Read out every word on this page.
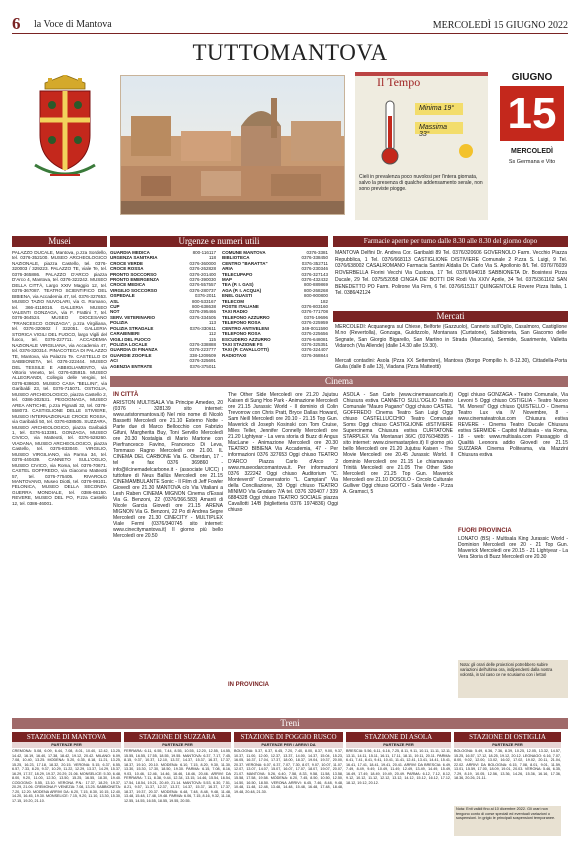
6 la Voce di Mantova	MERCOLEDÌ 15 GIUGNO 2022
TUTTOMANTOVA
Il Tempo
Minima 19°
Massima 33°
Cieli in prevalenza poco nuvolosi per l'intera giornata, salvo la presenza di qualche addensamento serale, non sono previste piogge.
GIUGNO
15
MERCOLEDÌ
Ss Germana e Vito
Musei
PALAZZO DUCALE, Mantova, p.zza Sordello, tel. 0376-352100. MUSEO ARCHEOLOGICO NAZIONALE, piazza Castello, tel. 0376-320003 / 329223. PALAZZO TE, viale Te, tel. 0376-365886. PALAZZO D'ARCO piazza D'Arco 4, Mantova, tel. 0376-322242. MUSEO DELLA CITTÀ, Largo XXIV Maggio 12, tel. 0376-367087. TEATRO SCIENTIFICO DEL BIBIENA, via Accademia 47, tel. 0376-327653. MUSEO TAZIO NUVOLARI, via G. Romano, tel. 366-4118016. GALLERIA MUSEO VALENTI GONZAGA, via F. Frattini 7, tel. 0376-364524. MUSEO DIOCESANO "FRANCESCO GONZAGA", p.zza Virgiliana, tel. 0376-320602 / 322051. GALLERIA STORICA VIGILI DEL FUOCO, largo Vigili del fuoco, tel. 0376-227711. ACCADEMIA NAZIONALE VIRGILIANA, via Accademia 47, tel. 0376-320314. PINACOTECA DI PALAZZO TE, Mantova, via Palazzo Te. CASTELLO DI SABBIONETA, tel. 0376-222444. MUSEO DEL TESSILE E ABBIGLIAMENTO, via Vittorio Veneto, tel. 0376-635915. MUSEO ALLEGRANDI, Collegio delle Vergini, tel. 0376-638620. MUSEO CASA "BELLINI", via Garibaldi 23, tel. 0376-715071. OSTIGLIA, MUSEO ARCHEOLOGICO, piazza Castello 2, tel. 0386-302531. PEGOGNAGA, MUSEO AREA ANTICHE, p.zza Pignatti 32, tel. 0376-558073. CASTIGLIONE DELLE STIVIERE, MUSEO INTERNAZIONALE CROCE ROSSA, via Garibaldi 50, tel. 0376-638505. SUZZARA, MUSEO ARCHEOLOGICO, piazza Garibaldi 1, tel. 0376-513391. GONZAGA, MUSEO CIVICO, via Matteotti, tel. 0376-528260. VIADANA, MUSEO ARCHEOLOGICO, piazza Castello, tel. 0375-833040. VIRGILIO, MUSEO VIRGILIANO, via Parma 34, tel. 0376-440439. CANNETO SULL'OGLIO, MUSEO CIVICO, via Roma, tel. 0376-70671. CASTEL GOFFREDO, via Giacomo Matteotti 57, tel. 0376-775405. RIVAROLO MANTOVANO, Museo Diotti, tel. 0376-99101. FELONICA, MUSEO DELLA SECONDA GUERRA MONDIALE, tel. 0386-66150. REVERE, MUSEO DEL PO, P.zza Castello 12, tel. 0386-46001.
Urgenze e numeri utili
GUARDIA MEDICA	800-116117
URGENZA SANITARIA	118
CROCE VERDE	0376-360000
CROCE ROSSA	0376-262828
PRONTO SOCCORSO	0376-201400
PRONTO EMERGENZA	0376-390030
CROCE MEDICA	0376-557557
VIRGILIO SOCCORSO	0376-280737
OSPEDALE	0376-2011
ASL	800-533167
CUP	800-638638
NOT	0376-295466
SERV. VETERINARIO	0376-334505
POLIZIA	113
POLIZIA STRADALE	0376-330611
CARABINIERI	112
VIGILI DEL FUOCO	115
POLIZIA LOCALE	0376-338888
GUARDIA DI FINANZA	0376-223777
GUARDIE ZOOFILE	338-1209509
ACI	0376-325691
AGENZIA ENTRATE	0376-375011
COMUNE MANTOVA	0376-3381
BIBLIOTECA	0376-338450
CENTRO "BARATTA"	0376-352711
ARIA	0376-230346
TELECUPAPO	0376-327143
MAP	0376-432432
TEA (P. I. GAS)	800-889869
AGA (P. I. ACQUA)	800-268268
ENEL GUASTI	800-900800
TELECOM	182
POSTE ITALIANE	0376-803160
TAXI RADIO	0376-771708
TELEFONO AZZURRO	0376-19696
TELEFONO ROSA	0376-225959
CENTRO ANTIVELENI	349-0011590
TELEFONO ROSA	0376-225656
ESCUDERO AZZURRO	0376-648081
TAXI STAZIONE FS	0376-325351
TAXI (P. CAVALLOTTI)	0376-324407
RADIOTAXI	0376-368844
Farmacie aperte per turno dalle 8.30 alle 8.30 del giorno dopo
MANTOVA Delfini Dr. Andrea Cor. Garibaldi 89 Tel. 0376/320606 GOVERNOLO Farm. Vecchio Piazza Repubblica, 1 Tel. 0376/668113 CASTIGLIONE D/STIVIERE Comunale 2 P.zza S. Luigi, 9 Tel. 0376/638002 CASALROMANO Farmacia Santini Aldalia Dr. Carlo Via S. Apollonio 8/L Tel. 0376/76039 ROVERBELLA Fiorini Vecchi Via Custoza, 17 Tel. 0376/694018 SABBIONETA Dr. Bosintesi Pizza Ducale, 29 Tel. 0375/52058 CINGIA DE' BOTTI DR Rodi Via XXIV Aprile, 34 Tel. 0375/361162 SAN BENEDETTO PO Farm. Polirone Via Firm, 6 Tel. 0376/615117 QUINGENTOLE Rovere Pizza Italia, 1 Tel. 0386/42124
Mercati
MERCOLEDÌ: Acquanegra sul Chiese, Belforte (Gazzuolo), Canneto sull'Oglio, Casalmoro, Castiglione M.no (Revertolla), Gonzaga, Guidizzolo, Montanara (Curtatone), Sabbioneta, San Giacomo delle Segnate, San Giorgio Bigarello, San Martino in Strada (Marcaria), Sermide, Suarimente, Valletta Vidaroch (Via Allende) (dalle 14.30 alle 19.30).
Mercati contadini: Asola (Pzza XX Settembre), Mantova (Borgo Pompilio h. 8-12.30), Cittadella-Porta Giulia (dalle 8 alle 13), Viadana (Pzza Matteotti)
Cinema
IN CITTÀ
ARISTON MULTISALA Via Principe Amedeo, 20 (0376 - 328139 sito internet: www.aristonmantova.it) Nel mio nome di Nicolò Bassetti Mercoledì ore 21.10 Esterno Notte - Parte due di Marco Bellocchio con Fabrizio Gifuni, Margherita Buy, Toni Servillo Mercoledì ore 20.30 Nostalgia di Mario Martone con Pierfrancesco Favino, Francesco Di Leva, Tommaso Ragno Mercoledì ore 21.00. IL CINEMA DEL CARBONE Via G. Oberdan, 17 - tel e fax 0376 369860 - info@ilcinemadelcarbone.it - (associate UICC) I tuttofare di Neus Ballús Mercoledì ore 21.15 CINEMAMBULANTE Sonic - Il Film di Jeff Fowler Giovedì ore 21.30 MANTOVA c/o Via Vitaliani a Lesh Raben CINEMA MIGNON Cinema d'Essai Via G. Benzoni, 22 (0376/366.583) Amanti di Nicole Garcia Giovedì ore 21.15 ARENA MIGNON Via G. Benzoni, 22 Po di Andrea Segre Mercoledì ore 21.30 CINECITY - MULTIPLEX Viale Fermi (0376/340745 sito internet: www.cinecitymantova.it) Il giorno più bello Mercoledì ore 20.50
The Other Side Mercoledì ore 21.20 Jujutsu Kaisen di Sung Hoo Park - Animazione Mercoledì ore 21.15 Jurassic World - Il dominio di Colin Trevorrow con Chris Pratt, Bryce Dallas Howard, Sam Neill Mercoledì ore 20.10 - 21.15 Top Gun. Maverick di Joseph Kosinski con Tom Cruise, Miles Teller, Jennifer Connelly Mercoledì ore 21.20 Lightyear - La vera storia di Buzz di Angus MacLane - Animazione Mercoledì ore 20.30 TEATRO BIBIENA Via Accademia, 47 - Per informazioni 0376 327653 Oggi chiuso TEATRO D'ARCO Piazza Carlo d'Arco 2 www.museodarcomantova.it. Per informazioni 0376 322242 Oggi chiuso Auditorium "C. Monteverdi" Conservatorio "L. Campiani" Via della Conciliazione, 33 Oggi chiuso TEATRO MINIMO Via Gradaro 7/A tel. 0376 320407 / 339 6884328 Oggi chiuso TEATRO SOCIALE piazza Cavallotti 14/B (biglietteria 0376 1974836) Oggi chiuso
IN PROVINCIA
ASOLA - San Carlo (www.cinemasancarlo.it) Chiusura estiva CANNETO SULL'OGLIO Teatro Comunale "Mauro Pagano" Oggi chiuso CASTEL GOFFREDO Cinema Teatro San Luigi Oggi chiuso CASTELLUCCHIO Teatro Comunale Soms Oggi chiuso CASTIGLIONE d/STIVIERE Supercinema Chiusura estiva CURTATONE STARPLEX Via Montanari 36/C (0376/348395 - sito internet: www.cinemastarplex.it) Il giorno più bello Mercoledì ore 21.20 Jujutsu Kaisen - The Movie Mercoledì ore 20.45 Jurassic World. Il dominio Mercoledì ore 21.15 Le chiamavano Trinità Mercoledì ore 21.05 The Other Side Mercoledì ore 21.25 Top Gun. Maverick Mercoledì ore 21.10 DOSOLO - Circolo Culturale Gulliver Oggi chiuso GOITO - Sala Verde - P.zza A. Gramsci, 5
Oggi chiuso GONZAGA - Teatro Comunale, Via Levoni 5 Oggi chiuso OSTIGLIA - Teatro Nuovo "M. Monesi" Oggi chiuso QUISTELLO - Cinema Teatro Lux via IV Novembre, 8 - www.cinemateatrolux.com Chiusura estiva REVERE - Cinema Teatro Ducale Chiusura estiva SERMIDE - Capitol Multisala - via Roma, 18 - web: www.multisala.com Passaggio di Qualità Leonora addio Giovedì ore 21.15 SUZZARA Cinema Politeama, via Mazzini Chiusura estiva
FUORI PROVINCIA
LONATO (BS) - Multisala King Jurassic World - Dominion Mercoledì ore 20 - 21 Top Gun. Maverick Mercoledì ore 20.15 - 21 Lightyear - La Vera Storia di Buzz Mercoledì ore 20.30
Nota: gli orari delle proiezioni potrebbero subire variazioni dell'ultima ora, indipendenti dalla nostra volontà, in tal caso ce ne scusiamo con i lettori
Treni
STAZIONE DI MANTOVA
PARTENZE PER
CREMONA: 5.08, 6.09, 6.44, 7.08, 8.01, 10.40, 12.42, 13.25, 14.42, 16.19, 16.40, 17.38, 18.42, 19.12, 20.42. MILANO: 6.09, 7.08, 10.40, 13.25. MODENA: 5.20, 6.35, 8.18, 11.21, 13.25, 15.25, 16.23, 17.18, 18.32, 20.15. VERONA: 5.15, 6.37, 6.55, 6.57, 7.33, 8.20, 9.37, 10.29, 11.22, 12.29, 13.37, 14.29, 15.37, 16.29, 17.37, 18.29, 19.37, 20.29, 21.06. MONSELICE: 5.30, 6.48, 8.00, 9.20, 11.00, 12.30, 13.50, 15.25, 16.55, 18.30, 19.40. CODOGNO: 5.55, 13.10. VERONA P.N.: 17.37, 18.29, 19.37, 20.29, 21.06. CREMONA P. VENEZIA: 7.08, 13.25. SABBIONETA: 7.20, 12.20. MODENA ARRIVI DA: 6.20, 7.15, 8.30, 10.15, 12.40, 14.20, 16.45, 19.30. MONSELICE: 7.15, 9.20, 11.10, 13.30, 15.30, 17.15, 19.20, 21.10.
STAZIONE DI SUZZARA
PARTENZE PER
FERRARA: 6.11, 6.55, 7.44, 8.55, 10.55, 12.20, 12.55, 14.55, 15.55, 16.55, 17.55, 18.55, 19.55. MANTOVA: 6.37, 7.17, 7.45, 8.15, 9.37, 10.37, 12.10, 13.37, 14.37, 15.37, 16.37, 17.37, 18.37, 19.10, 20.10. MODENA: 6.10, 7.15, 8.20, 9.30, 11.30, 13.30, 15.30, 17.30, 18.50, 19.30. PARMA: 6.15, 7.08, 8.16, 9.03, 10.46, 12.46, 14.46, 16.46, 18.46, 20.46. ARRIVI DA FERRARA: 7.11, 8.38, 9.44, 12.34, 13.15, 14.46, 15.54, 16.54, 17.54, 18.54, 19.21, 20.49, 21.14. MANTOVA: 5.53, 6.30, 7.51, 8.21, 9.57, 11.37, 12.37, 13.37, 14.37, 15.37, 16.37, 17.37, 18.37, 19.37, 20.37. MODENA: 6.48, 7.48, 8.48, 9.48, 11.48, 13.48, 15.48, 17.48, 19.48. PARMA: 6.06, 7.15, 8.16, 9.32, 11.18, 12.55, 14.55, 16.55, 18.55, 19.55, 20.55.
STAZIONE DI POGGIO RUSCO
PARTENZE PER / ARRIVI DA
BOLOGNA: 5.37, 6.37, 6.45, 7.20, 7.40, 8.00, 8.37, 9.00, 9.37, 10.37, 11.00, 12.00, 12.37, 13.37, 14.00, 14.37, 15.04, 15.23, 16.05, 16.37, 17.04, 17.37, 18.00, 18.37, 19.04, 19.37, 20.00, 20.37. VERONA: 6.07, 6.37, 7.07, 7.30, 8.07, 9.07, 10.07, 11.07, 12.07, 13.07, 14.07, 15.07, 16.07, 17.07, 18.07, 19.07, 20.07, 21.07. MANTOVA: 5.26, 6.40, 7.58, 8.33, 9.58, 11.58, 13.58, 15.58, 17.58, 19.58. MODENA: 6.20, 7.45, 8.50, 10.50, 12.50, 14.50, 16.50, 18.50. VERONA ARRIVI: 6.45, 7.46, 8.48, 9.48, 10.48, 11.48, 12.48, 13.48, 14.48, 15.48, 16.48, 17.48, 18.48, 19.48, 20.48, 21.30.
STAZIONE DI ASOLA
PARTENZE PER
BRESCIA: 5.56, 6.11, 6.16, 7.25, 8.11, 9.11, 10.11, 11.11, 12.11, 13.11, 14.11, 15.11, 16.11, 17.11, 18.11, 19.11, 20.11. PARMA: 6.41, 7.41, 8.41, 9.41, 10.41, 11.41, 12.41, 13.41, 14.41, 15.41, 16.41, 17.41, 18.41, 19.41, 20.41. ARRIVI DA BRESCIA: 6.49, 7.49, 8.49, 9.49, 10.49, 11.49, 12.49, 13.49, 14.49, 15.49, 16.49, 17.49, 18.49, 19.49, 20.49. PARMA: 6.12, 7.12, 8.12, 9.12, 10.12, 11.12, 12.12, 13.12, 14.12, 15.12, 16.12, 17.12, 18.12, 19.12, 20.12.
STAZIONE DI OSTIGLIA
PARTENZE PER
BOLOGNA: 5.49, 6.36, 7.36, 8.39, 10.25, 12.05, 13.32, 14.57, 15.25, 16.57, 17.12, 18.25, 19.12, 20.12. LEGNAGO: 6.16, 7.07, 8.00, 9.02, 12.00, 13.02, 16.02, 17.02, 19.02, 20.11, 21.04, 22.02. ARRIVI DA BOLOGNA: 6.15, 7.08, 8.01, 9.01, 11.59, 13.01, 15.59, 17.00, 18.09, 19.01, 20.03. VERONA: 5.46, 6.35, 7.29, 8.19, 10.05, 12.56, 13.36, 14.26, 15.36, 16.16, 17.36, 18.36, 20.26, 21.11.
Nota: Enti validi fino al 10 dicembre 2022. Gli orari non tengono conto di corse speciali ed eventuali variazioni o sospensioni. In grigio le principali sospensioni temporanee.
